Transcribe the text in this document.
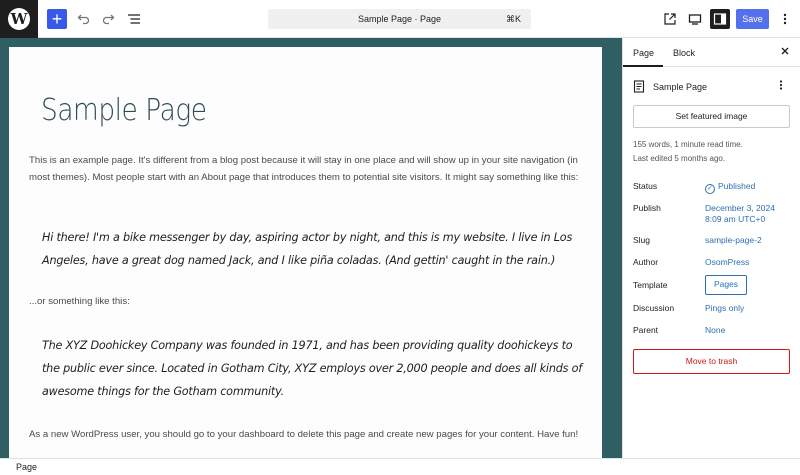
W +	Sample Page · Page	⌘K	Save
Sample Page
This is an example page. It's different from a blog post because it will stay in one place and will show up in your site navigation (in most themes). Most people start with an About page that introduces them to potential site visitors. It might say something like this:
Hi there! I'm a bike messenger by day, aspiring actor by night, and this is my website. I live in Los Angeles, have a great dog named Jack, and I like piña coladas. (And gettin' caught in the rain.)
...or something like this:
The XYZ Doohickey Company was founded in 1971, and has been providing quality doohickeys to the public ever since. Located in Gotham City, XYZ employs over 2,000 people and does all kinds of awesome things for the Gotham community.
As a new WordPress user, you should go to your dashboard to delete this page and create new pages for your content. Have fun!
Page Block
Sample Page
Set featured image
155 words, 1 minute read time.
Last edited 5 months ago.
Status	✓ Published
Publish	December 3, 2024
8:09 am UTC+0
Slug	sample-page-2
Author	OsomPress
Template	Pages
Discussion	Pings only
Parent	None
Move to trash
Page
